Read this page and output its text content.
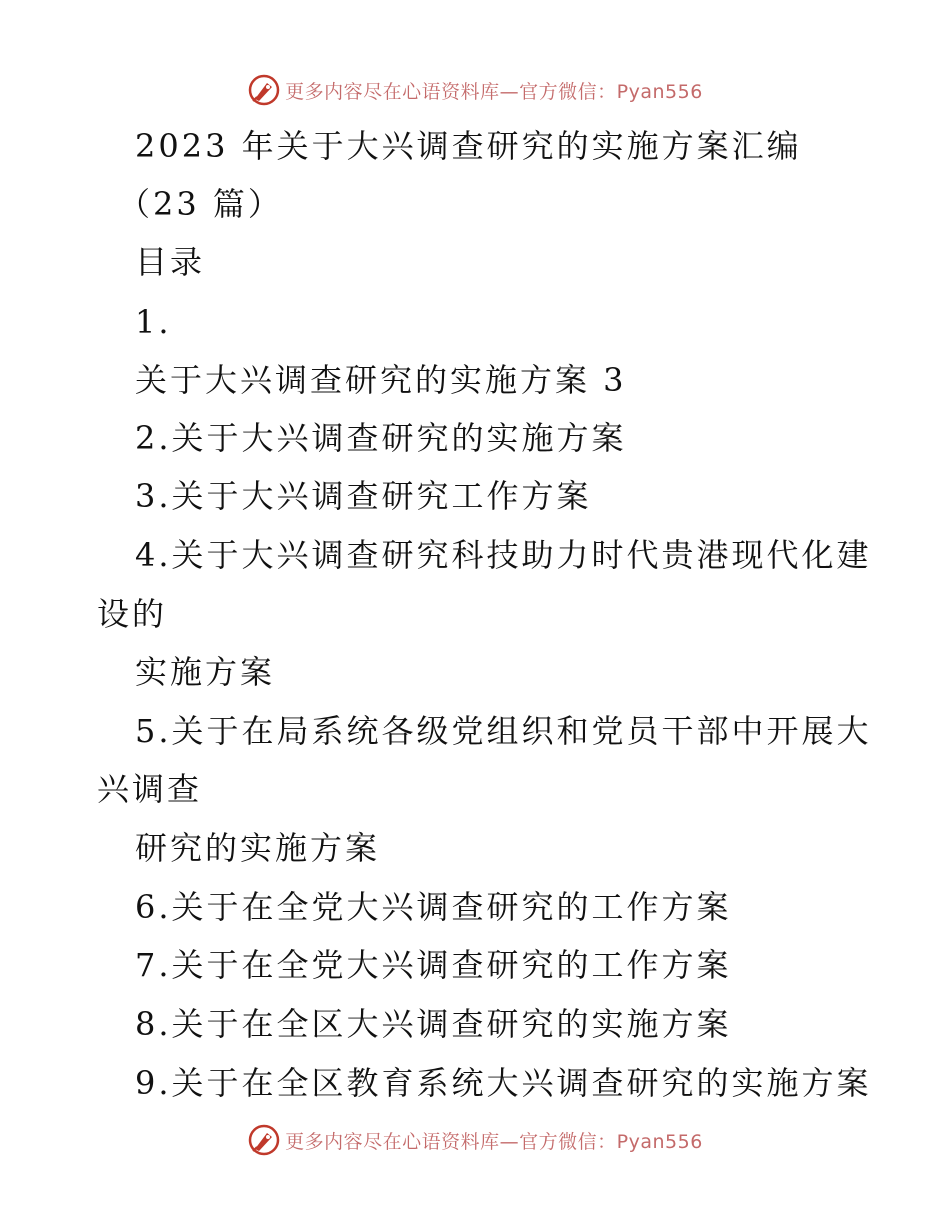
更多内容尽在心语资料库—官方微信：Pyan556
2023 年关于大兴调查研究的实施方案汇编
（23 篇）
目录
1.
关于大兴调查研究的实施方案 3
2.关于大兴调查研究的实施方案
3.关于大兴调查研究工作方案
4.关于大兴调查研究科技助力时代贵港现代化建
设的
实施方案
5.关于在局系统各级党组织和党员干部中开展大
兴调查
研究的实施方案
6.关于在全党大兴调查研究的工作方案
7.关于在全党大兴调查研究的工作方案
8.关于在全区大兴调查研究的实施方案
9.关于在全区教育系统大兴调查研究的实施方案
更多内容尽在心语资料库—官方微信：Pyan556
